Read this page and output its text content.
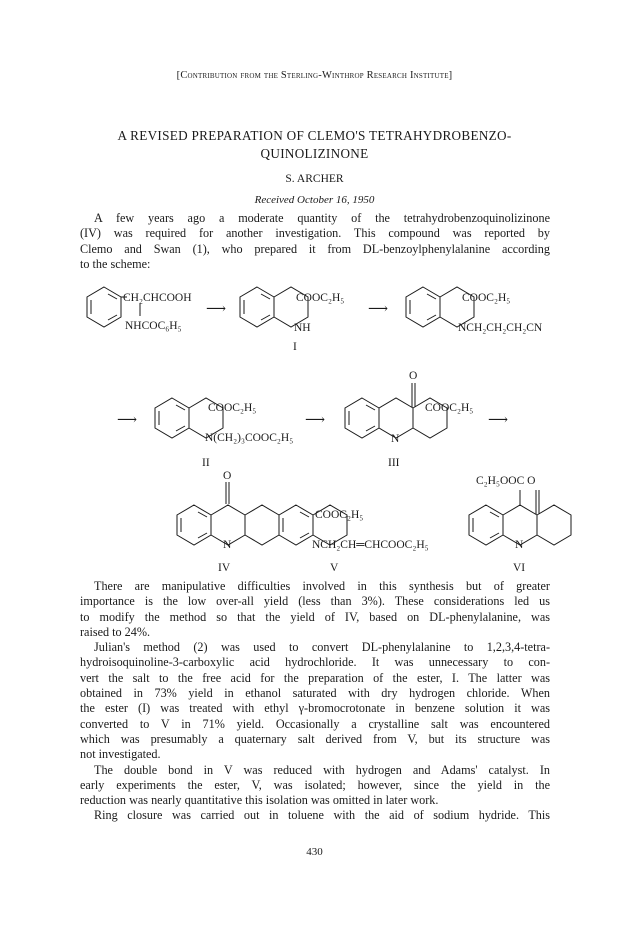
[Contribution from the Sterling-Winthrop Research Institute]
A REVISED PREPARATION OF CLEMO'S TETRAHYDROBENZO-
QUINOLIZINONE
S. ARCHER
Received October 16, 1950
A few years ago a moderate quantity of the tetrahydrobenzoquinolizinone
(IV) was required for another investigation. This compound was reported by
Clemo and Swan (1), who prepared it from DL-benzoylphenylalanine according
to the scheme:
⟶	⟶
⟶	⟶	⟶
CH₂CHCOOH
NHCOC₆H₅
COOC₂H₅
NH
I
COOC₂H₅
NCH₂CH₂CH₂CN
COOC₂H₅
N(CH₂)₃COOC₂H₅
II
O
COOC₂H₅
N
III
O
N
IV
COOC₂H₅
NCH₂CH═CHCOOC₂H₅
V
C₂H₅OOC O
N
VI
There are manipulative difficulties involved in this synthesis but of greater
importance is the low over-all yield (less than 3%). These considerations led us
to modify the method so that the yield of IV, based on DL-phenylalanine, was
raised to 24%.
Julian's method (2) was used to convert DL-phenylalanine to 1,2,3,4-tetra-
hydroisoquinoline-3-carboxylic acid hydrochloride. It was unnecessary to con-
vert the salt to the free acid for the preparation of the ester, I. The latter was
obtained in 73% yield in ethanol saturated with dry hydrogen chloride. When
the ester (I) was treated with ethyl γ-bromocrotonate in benzene solution it was
converted to V in 71% yield. Occasionally a crystalline salt was encountered
which was presumably a quaternary salt derived from V, but its structure was
not investigated.
The double bond in V was reduced with hydrogen and Adams' catalyst. In
early experiments the ester, V, was isolated; however, since the yield in the
reduction was nearly quantitative this isolation was omitted in later work.
Ring closure was carried out in toluene with the aid of sodium hydride. This
430
